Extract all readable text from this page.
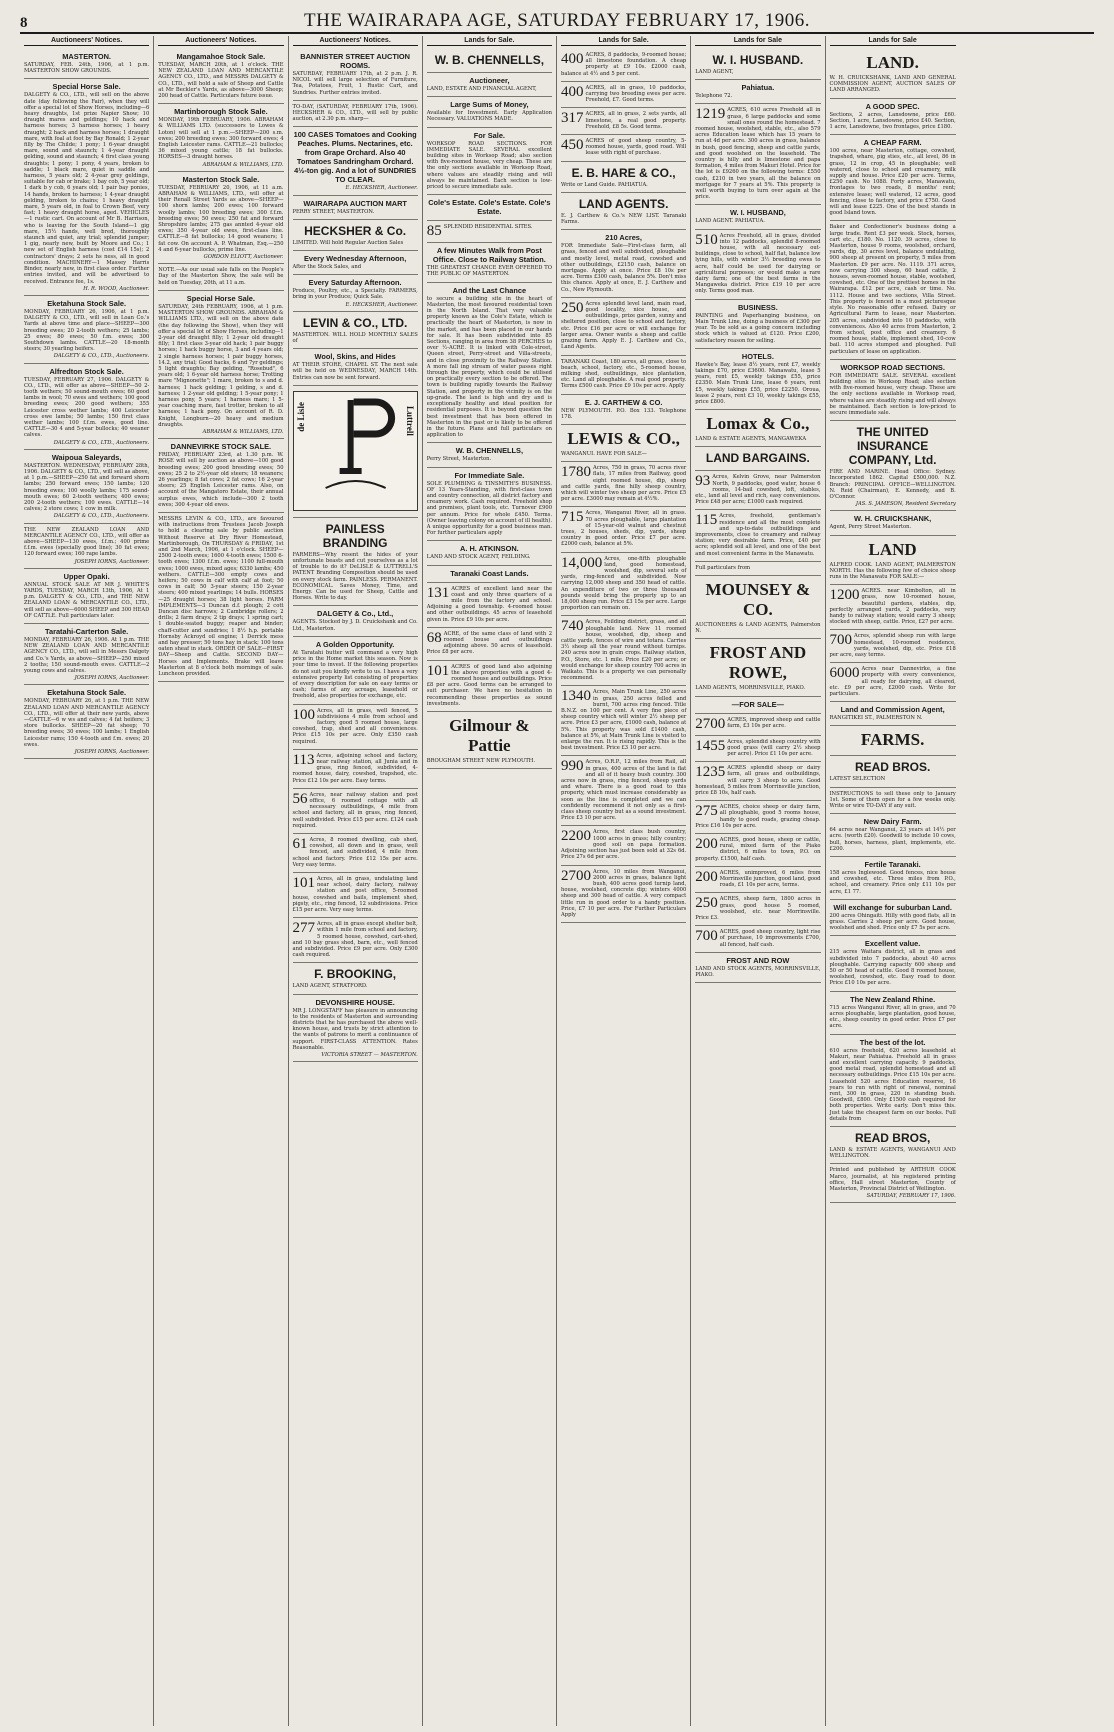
8	THE WAIRARAPA AGE, SATURDAY FEBRUARY 17, 1906.
Auctioneers' Notices.
MASTERTON.
SATURDAY, FEB. 24th, 1906, at 1 p.m. MASTERTON SHOW GROUNDS.
Special Horse Sale.
DALGETY & CO., LTD., will sell on the above date (day following the Fair), when they will offer a special lot of Show Horses, including—6 heavy draughts, 1st prize Napier Show; 10 draught mares and geldings; 10 hack and harness horses; 3 harness horses; 1 heavy draught; 2 hack and harness horses; 1 draught mare, with foal at foot by Bay Ronald; 1 2-year filly by The Childe; 1 pony; 1 6-year draught mare, sound and staunch; 1 4-year draught gelding, sound and staunch; 4 first class young draughts; 1 pony; 1 pony, 4 years, broken to saddle; 1 black mare, quiet in saddle and harness, 5 years old; 2 4-year grey geldings, suitable for cab or brake; 1 bay cob, 5 year old; 1 dark b y cob, 6 years old; 1 pair bay ponies, 14 hands, broken to harness; 1 4-year draught gelding, broken to chains; 1 heavy draught mare, 5 years old, in foal to Crown Beef, very fast; 1 heavy draught horse, aged. VEHICLES—1 rustic cart. On account of Mr B. Harrison, who is leaving for the South Island—1 gig mare, 15½ hands, well bred, thoroughly staunch and quiet, any trial; splendid jumper; 1 gig, nearly new, built by Moore and Co.; 1 new set of English harness (cost £14 15s); 2 contractors' drays; 2 sets hs ness, all in good condition. MACHINERY—1 Massey Harris Binder, nearly new, in first class order. Further entries invited, and will be advertised to received. Entrance fee, 1s.
H. R. WOOD, Auctioneer.
Eketahuna Stock Sale.
MONDAY, FEBRUARY 26, 1906, at 1 p.m. DALGETY & CO., LTD., will sell in Loan Co.'s Yards at above time and place—SHEEP—300 breeding ewes; 20 2-tooth wethers; 25 lambs; 25 ewes; 80 ewes; 50 f.m. ewes; 300 Southdown lambs. CATTLE—20 18-month steers; 30 yearling heifers.
DALGETY & CO., LTD., Auctioneers.
Alfredton Stock Sale.
TUESDAY, FEBRUARY 27, 1906. DALGETY & CO., LTD., will offer as above—SHEEP—50 2-tooth wethers; 50 sound-mouth ewes; 60 good lambs in wool; 70 ewes and wethers; 100 good breeding ewes; 200 good wethers; 355 Leicester cross wether lambs; 400 Leicester cross ewe lambs; 50 lambs; 150 first class wether lambs; 100 f.f.m. ewes, good line. CATTLE—30 4 and 5-year bullocks; 40 weaner calves.
DALGETY & CO., LTD., Auctioneers.
Waipoua Saleyards,
MASTERTON. WEDNESDAY, FEBRUARY 28th, 1906. DALGETY & CO., LTD., will sell as above, at 1 p.m.—SHEEP—250 fat and forward shorn lambs; 250 forward ewes; 150 lambs; 120 breeding ewes; 100 woolly lambs; 175 sound-mouth ewes; 60 2-tooth wethers; 400 ewes; 200 2-tooth wethers; 100 ewes. CATTLE—14 calves; 2 store cows; 1 cow in milk.
DALGETY & CO., LTD., Auctioneers.
THE NEW ZEALAND LOAN AND MERCANTILE AGENCY CO., LTD., will offer as above—SHEEP—130 ewes, f.f.m.; 400 prime f.f.m. ewes (specially good line); 30 fat ewes; 120 forward ewes; 160 rape lambs.
JOSEPH IORNS, Auctioneer.
Upper Opaki.
ANNUAL STOCK SALE AT MR J. WHITE'S YARDS, TUESDAY, MARCH 13th, 1906, At 1 p.m. DALGETY & CO., LTD., and THE NEW ZEALAND LOAN & MERCANTILE CO., LTD., will sell as above—6000 SHEEP and 300 HEAD OF CATTLE. Full particulars later.
Taratahi-Carterton Sale.
MONDAY, FEBRUARY 26, 1906. At 1 p.m. THE NEW ZEALAND LOAN AND MERCANTILE AGENCY CO., LTD., will sell in Messrs Dalgety and Co.'s Yards, as above—SHEEP—250 mixed 2 tooths; 150 sound-mouth ewes. CATTLE—2 young cows and calves.
JOSEPH IORNS, Auctioneer.
Eketahuna Stock Sale.
MONDAY, FEBRUARY 26, at 1 p.m. THE NEW ZEALAND LOAN AND MERCANTILE AGENCY CO., LTD., will offer at their new yards, above—CATTLE—6 w ws and calves; 4 fat heifers; 3 store bullocks. SHEEP—20 fat sheep; 70 breeding ewes; 30 ewes; 100 lambs; 1 English Leicester rams; 150 4-tooth and f.m. ewes; 20 ewes.
JOSEPH IORNS, Auctioneer.
Auctioneers' Notices.
Mangamahoe Stock Sale.
TUESDAY, MARCH 20th, at 1 o'clock. THE NEW ZEALAND LOAN AND MERCANTILE AGENCY CO., LTD., and MESSRS DALGETY & CO., LTD., will hold a sale of Sheep and Cattle at Mr Beckler's Yards, as above—3000 Sheep; 200 head of Cattle. Particulars future issue.
Martinborough Stock Sale.
MONDAY, 19th FEBRUARY, 1906. ABRAHAM & WILLIAMS LTD. (successors to Lowes & Loton) will sell at 1 p.m.—SHEEP—200 s.m. ewes; 200 breeding ewes; 300 forward ewes; 4 English Leicester rams. CATTLE—21 bullocks; 36 mixed young cattle; 18 fat bullocks. HORSES—3 draught horses.
ABRAHAM & WILLIAMS, LTD.
Masterton Stock Sale.
TUESDAY, FEBRUARY 20, 1906, at 11 a.m. ABRAHAM & WILLIAMS, LTD., will offer at their Renall Street Yards as above—SHEEP—100 shorn lambs; 200 ewes; 100 forward woolly lambs; 100 breeding ewes; 300 f.f.m. breeding ewes; 50 ewes; 250 fat and forward Shropshire lambs; 275 gas annted 4-year old ewes; 350 4-year old ewes, first-class line. CATTLE—8 fat bullocks; 14 good weaners; 1 fat cow. On account A. P. Whatman, Esq.—250 4 and 6-year bullocks, prime line.
GORDON ELIOTT, Auctioneer.
NOTE.—As our usual sale falls on the People's Day of the Masterton Show, the sale will be held on Tuesday, 20th, at 11 a.m.
Special Horse Sale.
SATURDAY, 24th FEBRUARY, 1906, at 1 p.m. MASTERTON SHOW GROUNDS. ABRAHAM & WILLIAMS LTD., will sell on the above date (the day following the Show), when they will offer a special lot of Show Horses, including—1 2-year old draught filly; 1 2-year old draught filly; 1 first class 3-year old hack; 1 pair buggy horses; 1 hack buggy horse, 3 and 4 years old; 2 single harness horses; 1 pair buggy horses, 14.2, any trial; Good hacks, 6 and 7yr geldings; 5 light draughts; Bay gelding, "Rosebud", 6 years old; 1 6-year old harness horse; Trotting mare "Mignonette"; 1 mare, broken to s and d. harness; 1 hack gelding; 1 gelding, s and d. harness; 1 2-year old gelding; 1 5-year pony; 1 harness pony, 5 years; 1 harness mare; 1 5-year coaching mare, fast trotter, broken to all harness; 1 hack pony. On account of R. D. Knight, Longburn—20 heavy and medium draughts.
ABRAHAM & WILLIAMS, LTD.
DANNEVIRKE STOCK SALE.
FRIDAY, FEBRUARY 23rd, at 1.30 p.m. W. ROSE will sell by auction as above—100 good breeding ewes; 200 good breeding ewes; 50 ewes; 25 2 to 2½-year old steers; 18 weaners; 26 yearlings; 8 fat cows; 2 fat cows; 16 2-year steers; 25 English Leicester rams. Also, on account of the Mangatoro Estate, their annual surplus ewes, which include—300 2 tooth ewes; 300 4-year old ewes.
MESSRS LEVIN & CO., LTD., are favoured with instructions from Trustees Jacob Joseph to hold a clearing sale by public auction Without Reserve at Dry River Homestead, Martinborough, On THURSDAY & FRIDAY, 1st and 2nd March, 1906, at 1 o'clock. SHEEP—2500 2-tooth ewes; 1600 4-tooth ewes; 1500 6-tooth ewes; 1300 f.f.m. ewes; 1100 full-mouth ewes; 1000 ewes, mixed ages; 6330 lambs; 450 wethers. CATTLE—300 empty cows and heifers; 50 cows in calf with calf at foot; 50 cows in calf; 50 3-year steers; 150 2-year steers; 400 mixed yearlings; 14 bulls. HORSES—25 draught horses; 38 light horses. FARM IMPLEMENTS—3 Duncan d.f. plough; 2 cott Duncan disc harrows; 2 Cambridge rollers; 2 drills; 2 farm drays; 2 tip drays; 1 spring cart; 1 double-seated buggy; reaper and binder; chaff-cutter and sundries; 1 8½ h.p. portable Hornsby Ackroyd oil engine; 1 Derrick mess and hay presser; 50 tons hay in stack; 100 tons oaten sheaf in stack. ORDER OF SALE—FIRST DAY—Sheep and Cattle. SECOND DAY—Horses and Implements. Brake will leave Masterton at 8 o'clock both mornings of sale. Luncheon provided.
Auctioneers' Notices.
BANNISTER STREET AUCTION ROOMS.
SATURDAY, FEBRUARY 17th, at 2 p.m. J. R. NICOL will sell large selection of Furniture, Tea, Potatoes, Fruit, 1 Rustic Cart, and Sundries. Further entries invited.
TO-DAY, (SATURDAY, FEBRUARY 17th, 1906). HECKSHER & CO., LTD., will sell by public auction, at 2.30 p.m. sharp—
100 CASES Tomatoes and Cooking Peaches. Plums. Nectarines, etc. from Grape Orchard. Also 40 Tomatoes Sandringham Orchard. 4½-ton gig. And a lot of SUNDRIES TO CLEAR.
E. HECKSHER, Auctioneer.
WAIRARAPA AUCTION MART
PERRY STREET, MASTERTON.
HECKSHER & Co.
LIMITED. Will hold Regular Auction Sales
Every Wednesday Afternoon,
After the Stock Sales, and
Every Saturday Afternoon.
Produce, Poultry, etc., a Specialty. FARMERS, bring in your Produce; Quick Sale.
E. HECKSHER, Auctioneer.
LEVIN & CO., LTD.
MASTERTON. WILL HOLD MONTHLY SALES of
Wool, Skins, and Hides
AT THEIR STORE, CHAPEL ST. The next sale will be held on WEDNESDAY, MARCH 14th. Entries can now be sent forward.
de Lisle	Luttrell
PAINLESS BRANDING
FARMERS—Why resent the hides of your unfortunate beasts and cut yourselves as a lot of trouble to do it? DeLISLE & LUTTRELL'S PATENT Branding Composition should be used on every stock farm. PAINLESS. PERMANENT. ECONOMICAL. Saves Money, Time, and Energy. Can be used for Sheep, Cattle and Horses. Write to day.
DALGETY & Co., Ltd.,
AGENTS. Stocked by J. D. Cruickshank and Co. Ltd., Masterton.
A Golden Opportunity.
At Taratahi butter will command a very high price in the Home market this season. Now is your time to invest. If the following properties do not suit you kindly write to us. I have a very extensive property list consisting of properties of every description for sale on easy terms or cash; farms of any acreage, leasehold or freehold, also properties for exchange, etc.
100 Acres, all in grass, well fenced, 5 subdivisions 4 mile from school and factory, good 5 roomed house, large cowshed, trap, shed and all conveniences. Price £15 10s per acre. Only £350 cash required.
113 Acres, adjoining school and factory, near railway station, all Junia and in grass, ring fenced, subdivided, 4-roomed house, dairy, cowshed, trapshed, etc. Price £12 10s per acre. Easy terms.
56 Acres, near railway station and post office, 6 roomed cottage with all necessary outbuildings, 4 mile from school and factory, all in grass, ring fenced, well subdivided. Price £15 per acre. £124 cash required.
61 Acres, 8 roomed dwelling, cab shed, cowshed, all down and in grass, well fenced, and subdivided, 4 mile from school and factory. Price £12 15s per acre. Very easy terms.
101 Acres, all in grass, undulating land near school, dairy factory, railway station and post office, 5-roomed house, cowshed and bails, implement shed, pigsty, etc., ring fenced, 12 subdivisions. Price £15 per acre. Very easy terms.
277 Acres, all in grass except shelter belt, within 1 mile from school and factory, 5 roomed house, cowshed, cart-shed, and 10 bay grass shed, barn, etc., well fenced and subdivided. Price £9 per acre. Only £300 cash required.
F. BROOKING,
LAND AGENT, STRATFORD.
DEVONSHIRE HOUSE.
MR J. LONGSTAFF has pleasure in announcing to the residents of Masterton and surrounding districts that he has purchased the above well-known house, and trusts by strict attention to the wants of patrons to merit a continuance of support. FIRST-CLASS ATTENTION. Rates Reasonable.
VICTORIA STREET — MASTERTON.
Lands for Sale.
W. B. CHENNELLS,
Auctioneer,
LAND, ESTATE AND FINANCIAL AGENT,
Large Sums of Money,
Available for Investment. Early Application Necessary. VALUATIONS MADE.
For Sale.
WORKSOP ROAD SECTIONS. FOR IMMEDIATE SALE. SEVERAL excellent building sites in Worksop Road; also section with five-roomed house, very cheap. These are the only sections available in Worksop Road, where values are steadily rising and will always be maintained. Each section is low-priced to secure immediate sale.
Cole's Estate. Cole's Estate. Cole's Estate.
85 SPLENDID RESIDENTIAL SITES.
A few Minutes Walk from Post Office. Close to Railway Station.
THE GREATEST CHANCE EVER OFFERED TO THE PUBLIC OF MASTERTON.
And the Last Chance
to secure a building site in the heart of Masterton, the most favoured residential town in the North Island. That very valuable property known as the Cole's Estate, which is practically the heart of Masterton, is now in the market, and has been placed in our hands for sale. It has been subdivided into 85 Sections, ranging in area from 38 PERCHES to over ½-ACRE. It is linked with Cole-street, Queen street, Perry-street and Villa-streets, and in close proximity to the Railway Station. A more fall ing stream of water passes right through the property, which could be utilised on practically every section to be offered. The town is building rapidly towards the Railway Station, and property in the vicinity is on the up-grade. The land is high and dry and is exceptionally healthy and ideal position for residential purposes. It is beyond question the best investment that has been offered in Masterton in the past or is likely to be offered in the future. Plans and full particulars on application to
W. B. CHENNELLS,
Perry Street, Masterton.
For Immediate Sale.
SOLE PLUMBING & TINSMITH'S BUSINESS. OF 13 Years-Standing, with first-class town and country connection, all district factory and creamery work. Cash required. Freehold shop and premises, plant tools, etc. Turnover £900 per annum. Price for whole £450. Terms. (Owner leaving colony on account of ill health). A unique opportunity for a good business man. For further particulars apply
A. H. ATKINSON.
LAND AND STOCK AGENT, FEILDING.
Taranaki Coast Lands.
131 ACRES of excellent land near the coast and only three quarters of a mile from the factory and school. Adjoining a good township. 4-roomed house and other outbuildings. 45 acres of leasehold given in. Price £9 10s per acre.
68 ACRE, of the same class of land with 2 roomed house and outbuildings adjoining above. 50 acres of leasehold. Price £8 per acre.
101 ACRES of good land also adjoining the above properties with a good 4-roomed house and outbuildings. Price £8 per acre. Good terms can be arranged to suit purchaser. We have no hesitation in recommending these properties as sound investments.
Gilmour & Pattie
BROUGHAM STREET NEW PLYMOUTH.
Lands for Sale.
400 ACRES, 8 paddocks, 9-roomed house; all limestone foundation. A cheap property at £9 10s. £2000 cash, balance at 4½ and 5 per cent.
400 ACRES, all in grass, 10 paddocks, carrying two breeding ewes per acre. Freehold, £7. Good terms.
317 ACRES, all in grass, 2 sets yards, all limestone, a real good property. Freehold, £8 5s. Good terms.
450 ACRES of good sheep country, 5-roomed house, yards, good road. Will lease with right of purchase.
E. B. HARE & CO.,
Write or Land Guide. PAHIATUA.
LAND AGENTS.
E. J. Carthew & Co.'s NEW LIST. Taranaki Farms.
210 Acres,
FOR Immediate Sale—First-class farm, all grass, fenced and well subdivided, ploughable and mostly level, metal road, cowshed and other outbuildings, £2150 cash, balance on mortgage. Apply at once. Price £8 10s per acre. Terms £300 cash, balance 5%. Don't miss this chance. Apply at once, E. J. Carthew and Co., New Plymouth.
250 Acres splendid level land, main road, good locality, nice house, and outbuildings, prize garden, sunny and sheltered position, close to school and factory, etc. Price £16 per acre or will exchange for larger area. Owner wants a sheep and cattle grazing farm. Apply E. J. Carthew and Co., Land Agents.
TARANAKI Coast, 180 acres, all grass, close to beach, school, factory, etc., 5-roomed house, milking shed, outbuildings, nice plantation, etc. Land all ploughable. A real good property. Terms £500 cash. Price £9 10s per acre. Apply
E. J. CARTHEW & CO.
NEW PLYMOUTH. P.O. Box 133. Telephone 178.
LEWIS & CO.,
WANGANUI. HAVE FOR SALE—
1780 Acres, 750 in grass, 70 acres river flats, 17 miles from Railway, good eight roomed house, dip, sheep and cattle yards, fine hilly sheep country, which will winter two sheep per acre. Price £5 per acre. £3000 may remain at 4½%.
715 Acres, Wanganui River, all in grass. 70 acres ploughable, large plantation of 15-year-old walnut and chestnut trees, 2 houses, sheds, dip, yards, sheep country in good order. Price £7 per acre. £2000 cash, balance at 5%.
14,000 Acres, one-fifth ploughable land, good homestead, woolshed, dip, several sets of yards, ring-fenced and subdivided. Now carrying 12,000 sheep and 350 head of cattle. An expenditure of two or three thousand pounds would bring the property up to an 18,000 sheep run. Price £3 15s per acre. Large proportion can remain on.
740 Acres, Feilding district, grass, and all ploughable land. New 11 roomed house, woolshed, dip, sheep and cattle yards, fences of wire and totara. Carries 3½ sheep all the year round without turnips. 240 acres now in grain crops. Railway station, P.O., Store, etc. 1 mile. Price £20 per acre; or would exchange for sheep country 700 acres in Waikato. This is a property we can personally recommend.
1340 Acres, Main Trunk Line, 250 acres in grass, 250 acres felled and burnt, 700 acres ring fenced. Title B.N.Z. on 100 per cent. A very fine piece of sheep country which will winter 2½ sheep per acre. Price £3 per acre, £1000 cash, balance at 5%. This property was sold £1400 cash, balance at 5%, at Main Trunk Line is visited to enlarge the run. It is rising rapidly. This is the best investment. Price £3 10 per acre.
990 Acres, O.R.P., 12 miles from Rail, all in grass, 400 acres of the land is flat and all of it heavy bush country. 300 acres now in grass, ring fenced, sheep yards and whare. There is a good road to this property, which must increase considerably as soon as the line is completed and we can confidently recommend it not only as a first-class sheep country but as a sound investment. Price £3 10 per acre.
2200 Acres, first class bush country, 1000 acres in grass; hilly country; good soil on papa formation. Adjoining section has just been sold at 32s 6d. Price 27s 6d per acre.
2700 Acres, 10 miles from Wanganui, 2000 acres in grass, balance light bush, 400 acres good turnip land, house, woolshed, concrete dip; winters 4000 sheep and 300 head of cattle. A very compact little run in good order to a handy position. Price, £7 10 per acre. For Further Particulars Apply
Lands for Sale
W. I. HUSBAND.
LAND AGENT,
Pahiatua.
Telephone 72.
1219 ACRES, 610 acres Freehold all in grass, 6 large paddocks and some small ones round the homestead. 7 roomed house, woolshed, stable, etc., also 579 acres Education lease which has 15 years to run at 4d per acre. 300 acres in grass, balance in bush, good fencing, sheep and cattle yards, and good woolshed on the leasehold. The country is hilly and is limestone and papa formation, 4 miles from Makuri Hotel. Price for the lot is £9260 on the following terms: £550 cash, £210 in two years, all the balance on mortgage for 7 years at 5%. This property is well worth buying to turn over again at the price.
W. I. HUSBAND,
LAND AGENT. PAHIATUA.
510 Acres Freehold, all in grass, divided into 12 paddocks, splendid 8-roomed house, with all necessary out-buildings, close to school, half flat, balance low lying hills, with winter 3½ breeding ewes to acre, half could be used for dairying or agricultural purposes; or would make a rare dairy farm; one of the best farms in the Mangaweka district. Price £19 10 per acre only. Terms good man.
BUSINESS.
PAINTING and Paperhanging business, on Main Trunk Line, doing a business of £300 per year. To be sold as a going concern including stock which is valued at £120. Price £200, satisfactory reason for selling.
HOTELS.
Hawke's Bay, lease 8½ years, rent £7, weekly takings £70, price £3600. Manawatu, lease 5 years, rent £5, weekly takings £55, price £2350. Main Trunk Line, lease 6 years, rent £5, weekly takings £55, price £2250. Oroua, lease 2 years, rent £3 10, weekly takings £55, price £800.
Lomax & Co.,
LAND & ESTATE AGENTS, MANGAWEKA
LAND BARGAINS.
93 Acres, Kelvin Grove, near Palmerston North, 9 paddocks, good water, house 6 rooms, 14-bail cowshed, loft, stables, etc., land all level and rich, easy conveniences. Price £48 per acre; £1000 cash required.
115 Acres, freehold, gentleman's residence and all the most complete and up-to-date outbuildings and improvements, close to creamery and railway station; very desirable farm. Price, £40 per acre; splendid soil all level, and one of the best and most convenient farms in the Manawatu.
Full particulars from
MOUNSEY & CO.
AUCTIONEERS & LAND AGENTS, Palmerston N.
FROST AND ROWE,
LAND AGENTS, MORRINSVILLE, PIAKO.
—FOR SALE—
2700 ACRES, improved sheep and cattle farm, £3 10s per acre.
1455 Acres, splendid sheep country with good grass (will carry 2½ sheep per acre). Price £1 10s per acre.
1235 ACRES splendid sheep or dairy farm, all grass and outbuildings, will carry 3 sheep to acre. Good homestead, 5 miles from Morrinsville junction, price £8 10s, half cash.
275 ACRES, choice sheep or dairy farm, all ploughable, good 5 rooms house, handy to good roads, grazing cheap. Price £16 10s per acre.
200 ACRES, good house, sheep or cattle, rural, mixed farm of the Piako district, 6 miles to town, P.O. on property. £1500, half cash.
200 ACRES, unimproved, 6 miles from Morrinsville junction, good land, good roads, £1 10s per acre, terms.
250 ACRES, sheep farm, 1800 acres in grass, good house 5 roomed, woolshed, etc. near Morrinsville. Price £3.
700 ACRES, good sheep country, light rise of purchase, 10 improvements £700, all fenced, half cash.
FROST AND ROW
LAND AND STOCK AGENTS, MORRINSVILLE, PIAKO.
Lands for Sale
LAND.
W. H. CRUICKSHANK, LAND AND GENERAL COMMISSION AGENT, AUCTION SALES OF LAND ARRANGED.
A GOOD SPEC.
Sections, 2 acres, Lansdowne, price £60. Section, 1 acre, Lansdowne, price £40. Section, 1 acre, Lansdowne, two frontages, price £180.
A CHEAP FARM.
100 acres, near Masterton, cottage, cowshed, trapshed, whare, pig sties, etc., all level, 86 in grass, 12 in crop, 45 in ploughable; well watered, close to school and creamery, milk supply and house. Price £20 per acre. Terms, £250 cash. No 1088. Forty acres, Manawatu, frontages to two roads, 8 months' rent; extensive lease; well watered, 12 acres, good fencing, close to factory, and price £750. Good will and lease £225. One of the best stands in good Island town.
Baker and Confectioner's business doing a large trade. Rent £3 per week. Stock, horses, cart etc., £180. No. 1120. 39 acres, close to Masterton, house 9 rooms, woolshed, orchard, yards, dip, 30 acres level, balance undulating, 900 sheep at present on property, 5 miles from Masterton. £9 per acre. No. 1119. 371 acres, now carrying 300 sheep, 60 head cattle, 2 houses, seven-roomed house, stable, woolshed, cowshed, etc. One of the prettiest homes in the Wairarapa. £12 per acre, cash or time. No. 1112. House and two sections, Villa Street. This property is fenced in a most picturesque style. No reasonable offer refused. Dairy or Agricultural Farm to lease, near Masterton. 205 acres, subdivided into 10 paddocks, with conveniences. Also 40 acres from Masterton, 2 from school, post office and creamery. 6 roomed house, stable, implement shed, 10-cow bail. 110 acres stumped and ploughed. Full particulars of lease on application.
WORKSOP ROAD SECTIONS.
FOR IMMEDIATE SALE. SEVERAL excellent building sites in Worksop Road; also section with five-roomed house, very cheap. These are the only sections available in Worksop road, where values are steadily rising and will always be maintained. Each section is low-priced to secure immediate sale.
THE UNITED INSURANCE COMPANY, Ltd.
FIRE AND MARINE. Head Office: Sydney. Incorporated 1862. Capital £500,000. N.Z. Branch: PRINCIPAL OFFICE—WELLINGTON. N. Reid (Chairman), E. Kennedy, and B. O'Connor.
JAS. S. JAMESON, Resident Secretary
W. H. CRUICKSHANK,
Agent, Perry Street Masterton.
LAND
ALFRED COOK. LAND AGENT, PALMERSTON NORTH. Has the following few of choice sheep runs in the Manawatu FOR SALE:—
1200 ACRES. near Kimbolton, all in grass, now 10-roomed house, beautiful gardens, stables, dip, perfectly arranged yards, 2 paddocks, very handy to railway station; would carry 3 sheep; stocked with sheep, cattle. Price, £27 per acre.
700 Acres, splendid sheep run with large homestead, 10-roomed residence, yards, woolshed, dip, etc. Price £18 per acre, easy terms.
6000 Acres near Dannevirke, a fine property with every convenience, all ready for dairying, all cleared, etc. £9 per acre, £2000 cash. Write for particulars.
Land and Commission Agent,
RANGITIKEI ST., PALMERSTON N.
FARMS.
READ BROS.
LATEST SELECTION
INSTRUCTIONS to sell these only to January 1st. Some of them open for a few weeks only. Write or wire TO-DAY if any suit.
New Dairy Farm.
64 acres near Wanganui, 23 years at 14½ per acre. (worth £20). Goodwill to include 10 cows, bull, horses, harness, plant, implements, etc. £200.
Fertile Taranaki.
158 acres Inglewood. Good fences, nice house and cowshed, etc. Three miles from P.O., school, and creamery. Price only £11 10s per acre, £1 77.
Will exchange for suburban Land.
200 acres Ohingaiti. Hilly with good flats, all in grass. Carries 2 sheep per acre. Good house, woolshed and shed. Price only £7 5s per acre.
Excellent value.
215 acres Waitara district, all in grass and subdivided into 7 paddocks, about 40 acres ploughable. Carrying capacity 600 sheep and 50 or 50 head of cattle. Good 8 roomed house, woolshed, cowshed, etc. Easy road to door. Price £10 10s per acre.
The New Zealand Rhine.
715 acres Wanganui River, all in grass, and 70 acres ploughable, large plantation, good house, etc., sheep country in good order. Price £7 per acre.
The best of the lot.
610 acres freehold, 620 acres leasehold at Makuri, near Pahiatua. Freehold all in grass and excellent carrying capacity. 9 paddocks, good metal road, splendid homestead and all necessary outbuildings. Price £15 10s per acre. Leasehold 520 acres Education reserve, 16 years to run with right of renewal, nominal rent, 300 in grass, 220 in standing bush. Goodwill, £800. Only £1500 cash required for both properties. Write early. Don't miss this. Just take the cheapest farm on our books. Full details from
READ BROS,
LAND & ESTATE AGENTS, WANGANUI AND WELLINGTON.
Printed and published by ARTHUR COOK Marco, journalist, at his registered printing office, Hall street Masterton, County of Masterton, Provincial District of Wellington.
SATURDAY, FEBRUARY 17, 1906.
